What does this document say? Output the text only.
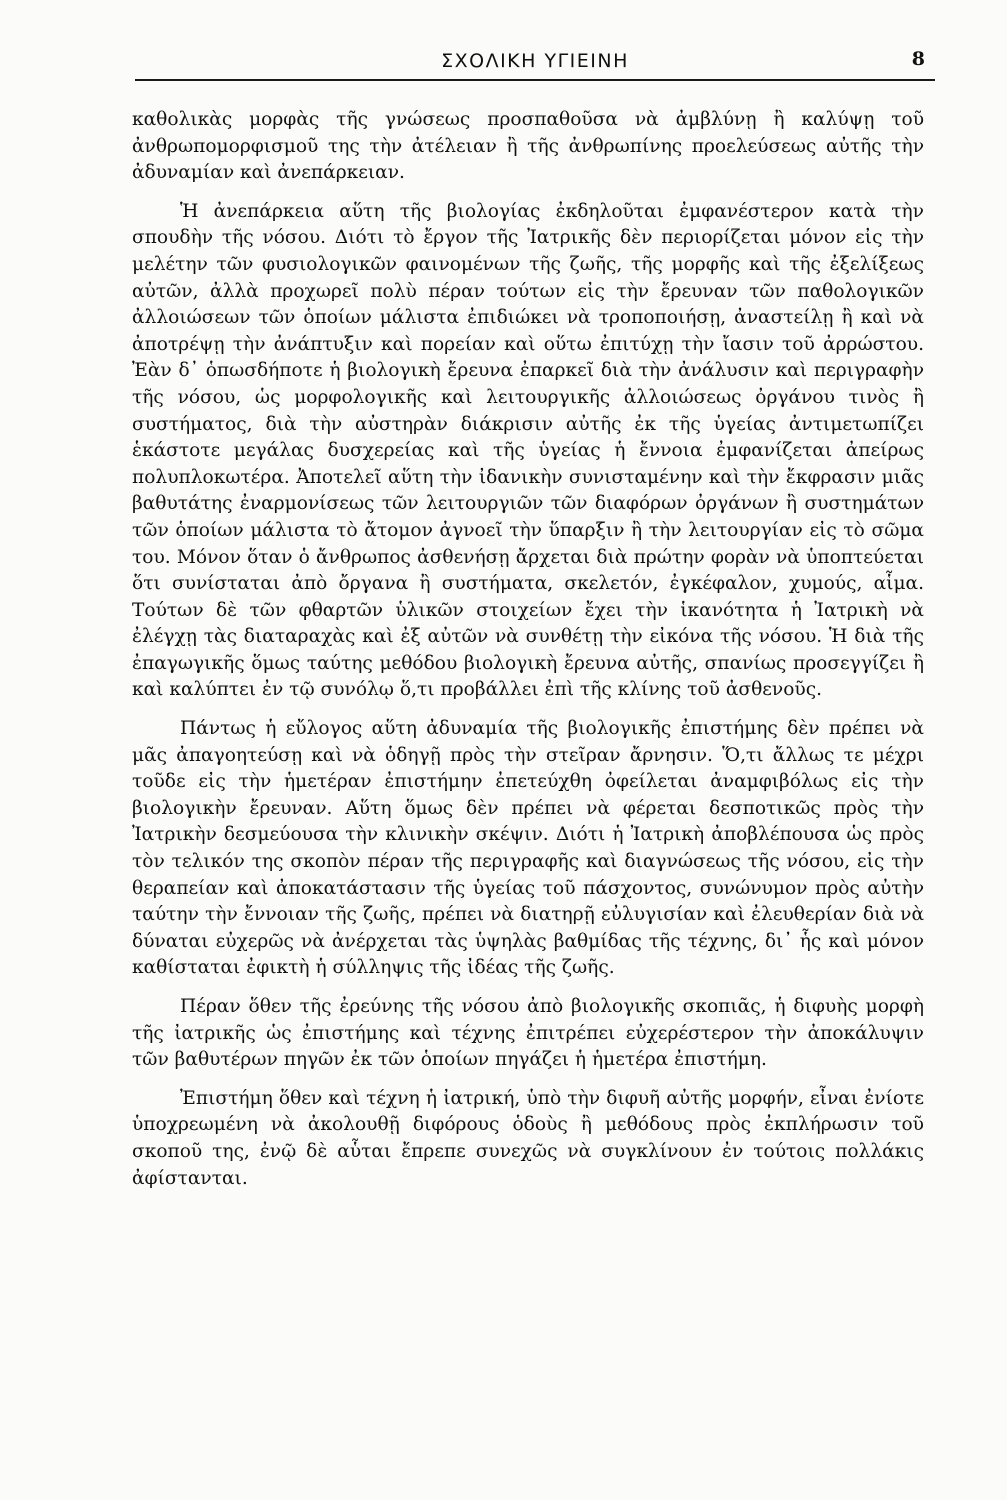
ΣΧΟΛΙΚΗ ΥΓΙΕΙΝΗ	8

καθολικὰς μορφὰς τῆς γνώσεως προσπαθοῦσα νὰ ἀμβλύνῃ ἢ καλύψῃ τοῦ ἀνθρωπομορφισμοῦ της τὴν ἀτέλειαν ἢ τῆς ἀνθρωπίνης προελεύσεως αὐτῆς τὴν ἀδυναμίαν καὶ ἀνεπάρκειαν.

Ἡ ἀνεπάρκεια αὕτη τῆς βιολογίας ἐκδηλοῦται ἐμφανέστερον κατὰ τὴν σπουδὴν τῆς νόσου. Διότι τὸ ἔργον τῆς Ἰατρικῆς δὲν περιορίζεται μόνον εἰς τὴν μελέτην τῶν φυσιολογικῶν φαινομένων τῆς ζωῆς, τῆς μορφῆς καὶ τῆς ἐξελίξεως αὐτῶν, ἀλλὰ προχωρεῖ πολὺ πέραν τούτων εἰς τὴν ἔρευναν τῶν παθολογικῶν ἀλλοιώσεων τῶν ὁποίων μάλιστα ἐπιδιώκει νὰ τροποποιήσῃ, ἀναστείλῃ ἢ καὶ νὰ ἀποτρέψῃ τὴν ἀνάπτυξιν καὶ πορείαν καὶ οὕτω ἐπιτύχῃ τὴν ἴασιν τοῦ ἀρρώστου. Ἐὰν δ᾿ ὁπωσδήποτε ἡ βιολογικὴ ἔρευνα ἐπαρκεῖ διὰ τὴν ἀνάλυσιν καὶ περιγραφὴν τῆς νόσου, ὡς μορφολογικῆς καὶ λειτουργικῆς ἀλλοιώσεως ὀργάνου τινὸς ἢ συστήματος, διὰ τὴν αὐστηρὰν διάκρισιν αὐτῆς ἐκ τῆς ὑγείας ἀντιμετωπίζει ἑκάστοτε μεγάλας δυσχερείας καὶ τῆς ὑγείας ἡ ἔννοια ἐμφανίζεται ἀπείρως πολυπλοκωτέρα. Ἀποτελεῖ αὕτη τὴν ἰδανικὴν συνισταμένην καὶ τὴν ἔκφρασιν μιᾶς βαθυτάτης ἐναρμονίσεως τῶν λειτουργιῶν τῶν διαφόρων ὀργάνων ἢ συστημάτων τῶν ὁποίων μάλιστα τὸ ἄτομον ἀγνοεῖ τὴν ὕπαρξιν ἢ τὴν λειτουργίαν εἰς τὸ σῶμα του. Μόνον ὅταν ὁ ἄνθρωπος ἀσθενήσῃ ἄρχεται διὰ πρώτην φορὰν νὰ ὑποπτεύεται ὅτι συνίσταται ἀπὸ ὄργανα ἢ συστήματα, σκελετόν, ἐγκέφαλον, χυμούς, αἷμα. Τούτων δὲ τῶν φθαρτῶν ὑλικῶν στοιχείων ἔχει τὴν ἱκανότητα ἡ Ἰατρικὴ νὰ ἐλέγχῃ τὰς διαταραχὰς καὶ ἐξ αὐτῶν νὰ συνθέτῃ τὴν εἰκόνα τῆς νόσου. Ἡ διὰ τῆς ἐπαγωγικῆς ὅμως ταύτης μεθόδου βιολογικὴ ἔρευνα αὐτῆς, σπανίως προσεγγίζει ἢ καὶ καλύπτει ἐν τῷ συνόλῳ ὅ,τι προβάλλει ἐπὶ τῆς κλίνης τοῦ ἀσθενοῦς.

Πάντως ἡ εὔλογος αὕτη ἀδυναμία τῆς βιολογικῆς ἐπιστήμης δὲν πρέπει νὰ μᾶς ἀπαγοητεύσῃ καὶ νὰ ὁδηγῇ πρὸς τὴν στεῖραν ἄρνησιν. Ὅ,τι ἄλλως τε μέχρι τοῦδε εἰς τὴν ἡμετέραν ἐπιστήμην ἐπετεύχθη ὀφείλεται ἀναμφιβόλως εἰς τὴν βιολογικὴν ἔρευναν. Αὕτη ὅμως δὲν πρέπει νὰ φέρεται δεσποτικῶς πρὸς τὴν Ἰατρικὴν δεσμεύουσα τὴν κλινικὴν σκέψιν. Διότι ἡ Ἰατρικὴ ἀποβλέπουσα ὡς πρὸς τὸν τελικόν της σκοπὸν πέραν τῆς περιγραφῆς καὶ διαγνώσεως τῆς νόσου, εἰς τὴν θεραπείαν καὶ ἀποκατάστασιν τῆς ὑγείας τοῦ πάσχοντος, συνώνυμον πρὸς αὐτὴν ταύτην τὴν ἔννοιαν τῆς ζωῆς, πρέπει νὰ διατηρῇ εὐλυγισίαν καὶ ἐλευθερίαν διὰ νὰ δύναται εὐχερῶς νὰ ἀνέρχεται τὰς ὑψηλὰς βαθμίδας τῆς τέχνης, δι᾿ ἧς καὶ μόνον καθίσταται ἐφικτὴ ἡ σύλληψις τῆς ἰδέας τῆς ζωῆς.

Πέραν ὅθεν τῆς ἐρεύνης τῆς νόσου ἀπὸ βιολογικῆς σκοπιᾶς, ἡ διφυὴς μορφὴ τῆς ἰατρικῆς ὡς ἐπιστήμης καὶ τέχνης ἐπιτρέπει εὐχερέστερον τὴν ἀποκάλυψιν τῶν βαθυτέρων πηγῶν ἐκ τῶν ὁποίων πηγάζει ἡ ἡμετέρα ἐπιστήμη.

Ἐπιστήμη ὅθεν καὶ τέχνη ἡ ἰατρική, ὑπὸ τὴν διφυῆ αὐτῆς μορφήν, εἶναι ἐνίοτε ὑποχρεωμένη νὰ ἀκολουθῇ διφόρους ὁδοὺς ἢ μεθόδους πρὸς ἐκπλήρωσιν τοῦ σκοποῦ της, ἐνῷ δὲ αὗται ἔπρεπε συνεχῶς νὰ συγκλίνουν ἐν τούτοις πολλάκις ἀφίστανται.
